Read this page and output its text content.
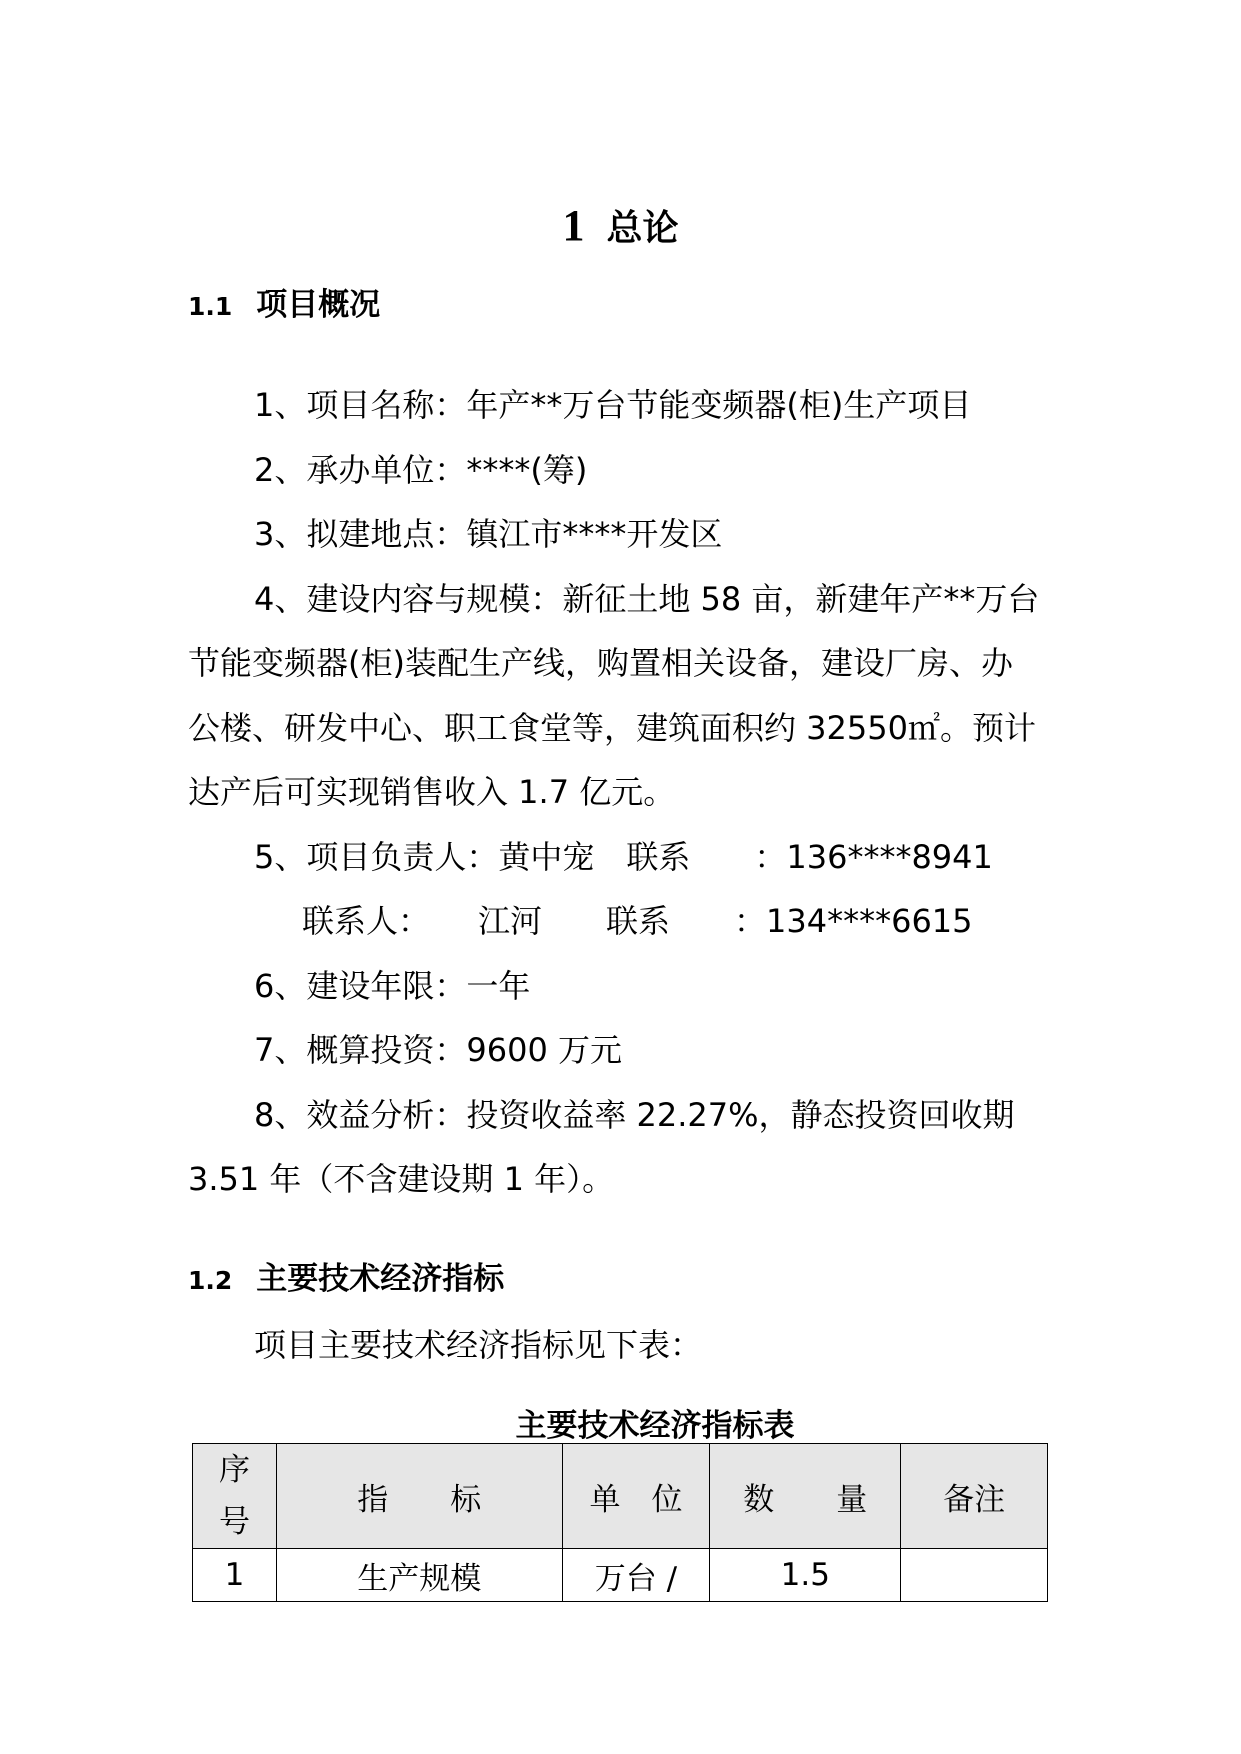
1 总论
1.1 项目概况
1、项目名称：年产**万台节能变频器(柜)生产项目
2、承办单位：****(筹)
3、拟建地点：镇江市****开发区
4、建设内容与规模：新征土地 58 亩，新建年产**万台
节能变频器(柜)装配生产线，购置相关设备，建设厂房、办
公楼、研发中心、职工食堂等，建筑面积约 32550㎡。预计
达产后可实现销售收入 1.7 亿元。
5、项目负责人：黄中宠　联系　　：136****8941
联系人：　　江河　　联系　　：134****6615
6、建设年限：一年
7、概算投资：9600 万元
8、效益分析：投资收益率 22.27%，静态投资回收期
3.51 年（不含建设期 1 年）。
1.2 主要技术经济指标
项目主要技术经济指标见下表：
主要技术经济指标表
序号	指　　标	单　位	数　　量	备注
1	生产规模	万台 /	1.5	
